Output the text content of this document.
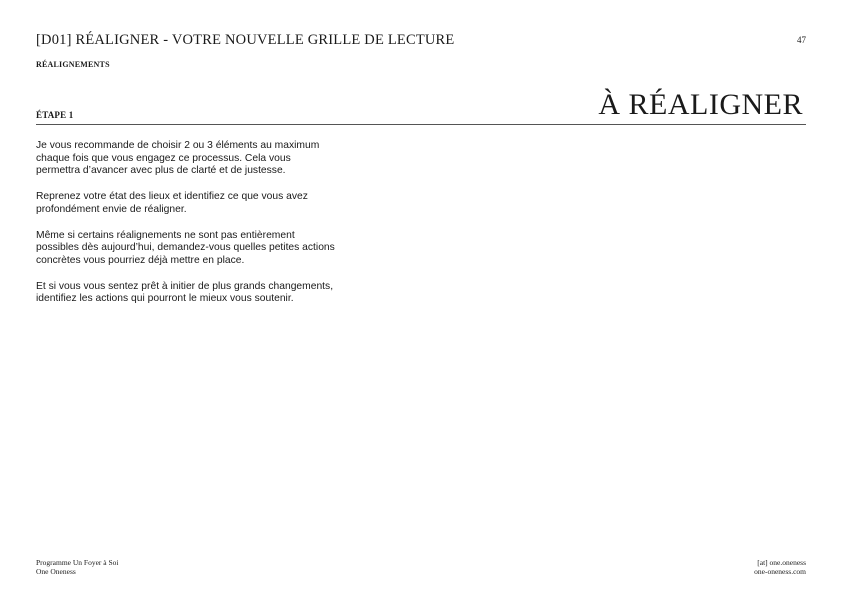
[D01] RÉALIGNER - VOTRE NOUVELLE GRILLE DE LECTURE	47
RÉALIGNEMENTS
ÉTAPE 1	À RÉALIGNER

Je vous recommande de choisir 2 ou 3 éléments au maximum chaque fois que vous engagez ce processus. Cela vous permettra d’avancer avec plus de clarté et de justesse.

Reprenez votre état des lieux et identifiez ce que vous avez profondément envie de réaligner.

Même si certains réalignements ne sont pas entièrement possibles dès aujourd’hui, demandez-vous quelles petites actions concrètes vous pourriez déjà mettre en place.

Et si vous vous sentez prêt à initier de plus grands changements, identifiez les actions qui pourront le mieux vous soutenir.

Programme Un Foyer à Soi
One Oneness
[at] one.oneness
one-oneness.com
